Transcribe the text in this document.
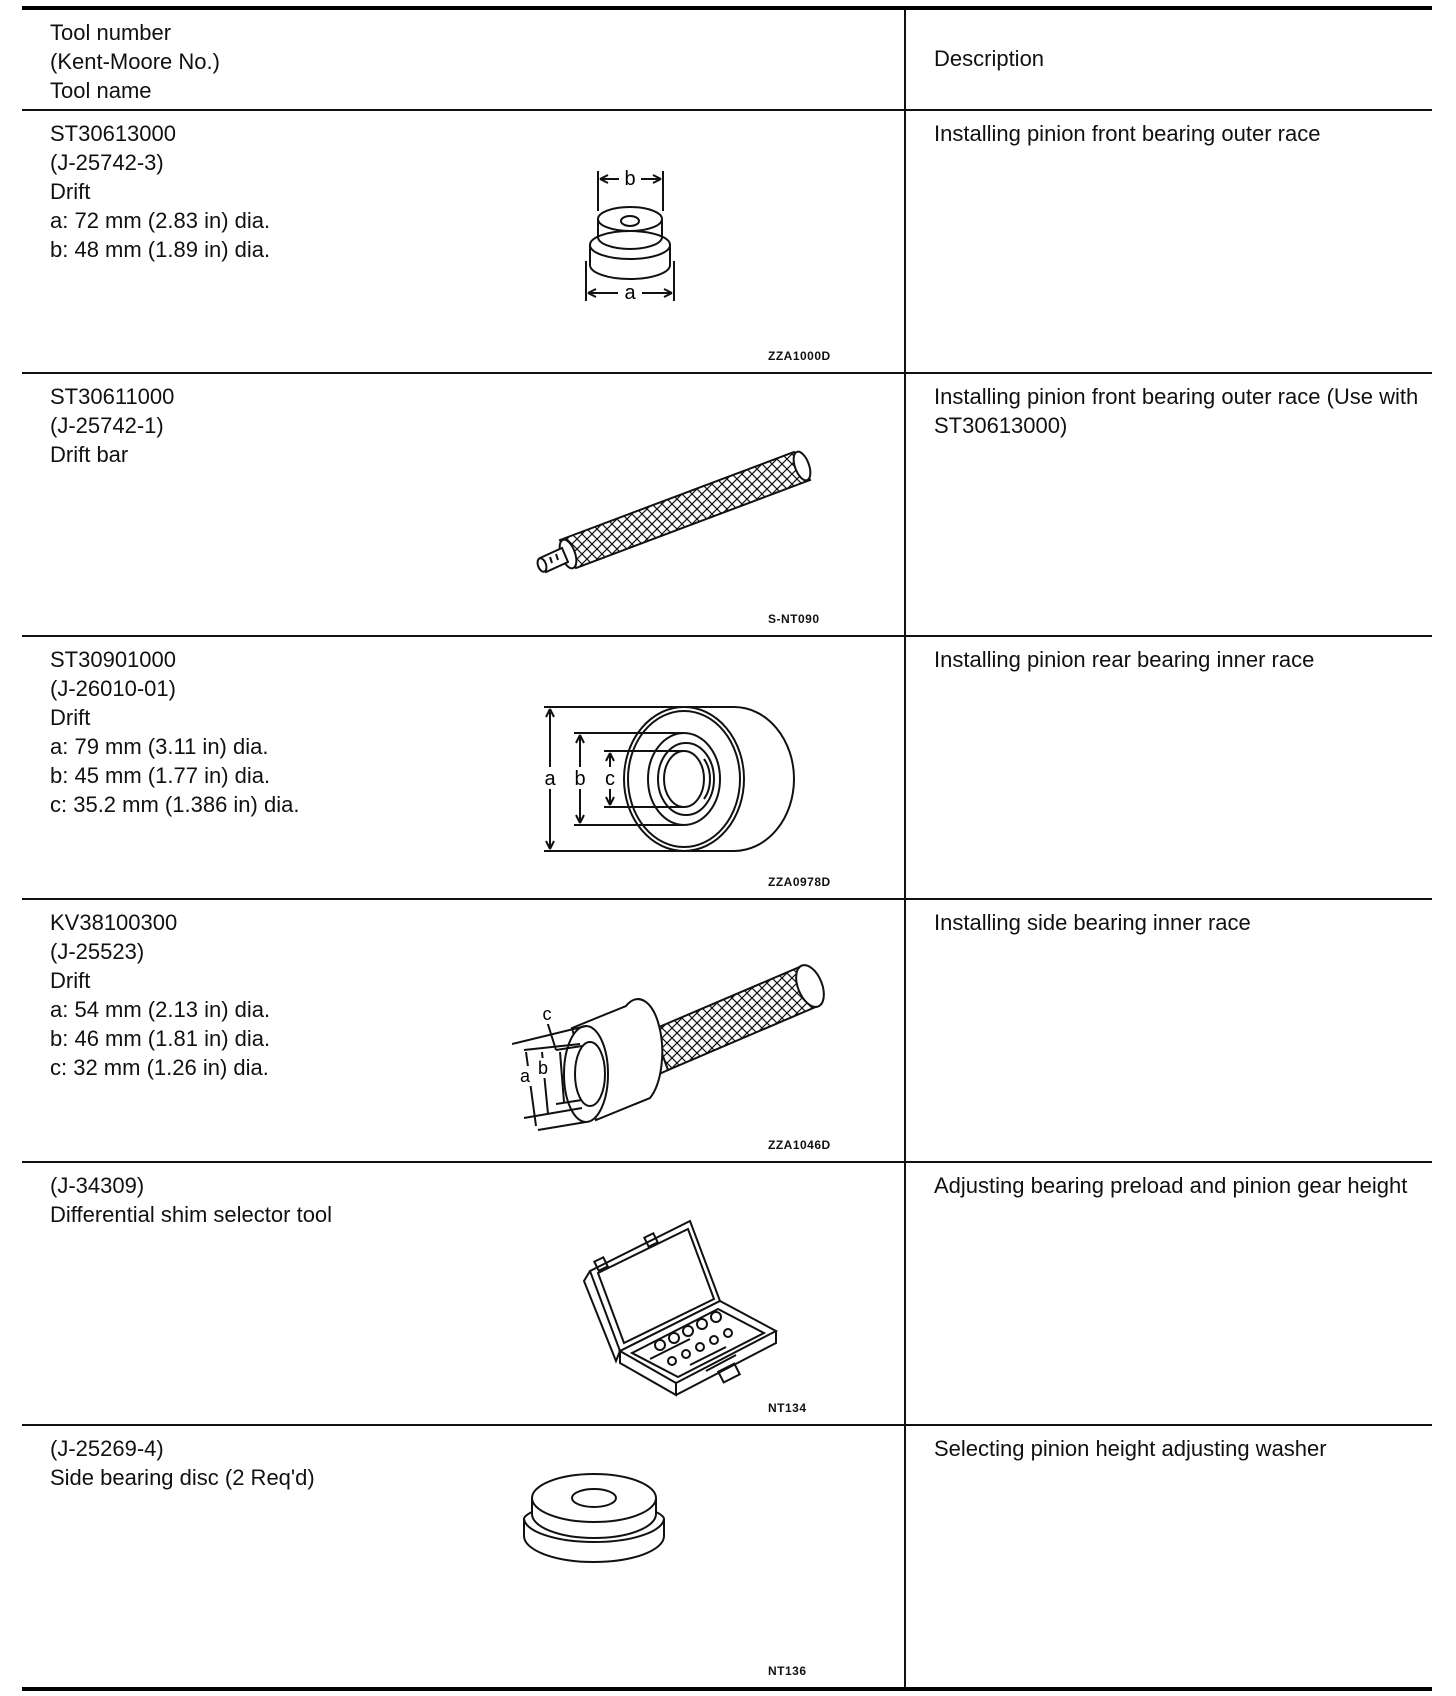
Tool number
(Kent-Moore No.)
Tool name
Description
ST30613000
(J-25742-3)
Drift
a: 72 mm (2.83 in) dia.
b: 48 mm (1.89 in) dia.
b
a
ZZA1000D
Installing pinion front bearing outer race
ST30611000
(J-25742-1)
Drift bar
S-NT090
Installing pinion front bearing outer race (Use with ST30613000)
ST30901000
(J-26010-01)
Drift
a: 79 mm (3.11 in) dia.
b: 45 mm (1.77 in) dia.
c: 35.2 mm (1.386 in) dia.
a b c
ZZA0978D
Installing pinion rear bearing inner race
KV38100300
(J-25523)
Drift
a: 54 mm (2.13 in) dia.
b: 46 mm (1.81 in) dia.
c: 32 mm (1.26 in) dia.	a b
c
ZZA1046D
Installing side bearing inner race
(J-34309)
Differential shim selector tool
NT134
Adjusting bearing preload and pinion gear height
(J-25269-4)
Side bearing disc (2 Req'd)
NT136
Selecting pinion height adjusting washer
